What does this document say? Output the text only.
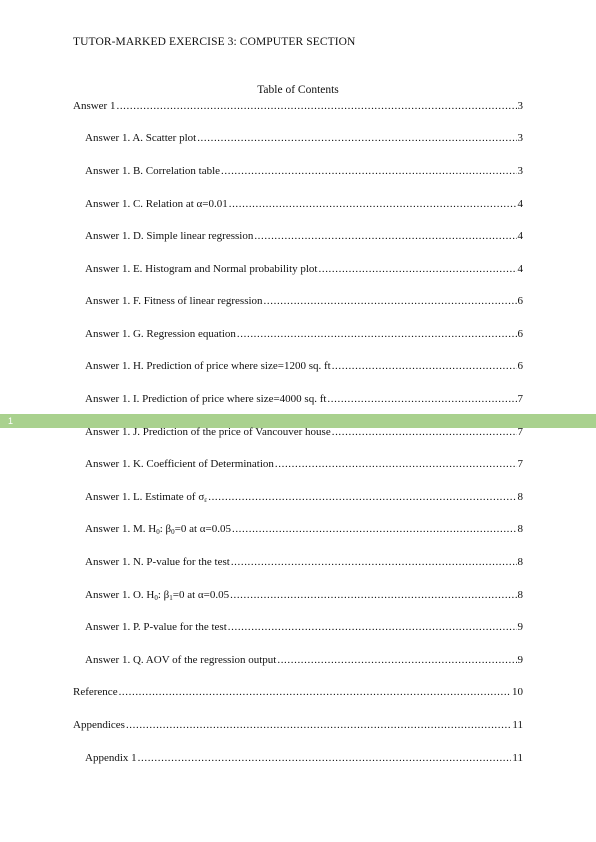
TUTOR-MARKED EXERCISE 3: COMPUTER SECTION
Table of Contents
1
Answer 1 .....	3
Answer 1. A. Scatter plot .....	3
Answer 1. B. Correlation table .....	3
Answer 1. C. Relation at α=0.01 .....	4
Answer 1. D. Simple linear regression .....	4
Answer 1. E. Histogram and Normal probability plot .....	4
Answer 1. F. Fitness of linear regression .....	6
Answer 1. G. Regression equation .....	6
Answer 1. H. Prediction of price where size=1200 sq. ft .....	6
Answer 1. I. Prediction of price where size=4000 sq. ft .....	7
Answer 1. J. Prediction of the price of Vancouver house .....	7
Answer 1. K. Coefficient of Determination .....	7
Answer 1. L. Estimate of $\sigma_\varepsilon$ .....	8
Answer 1. M. $H_0$: $\beta_0=0$ at α=0.05 .....	8
Answer 1. N. P-value for the test .....	8
Answer 1. O. $H_0$: $\beta_1=0$ at α=0.05 .....	8
Answer 1. P. P-value for the test .....	9
Answer 1. Q. AOV of the regression output .....	9
Reference .....	10
Appendices .....	11
Appendix 1 .....	11
